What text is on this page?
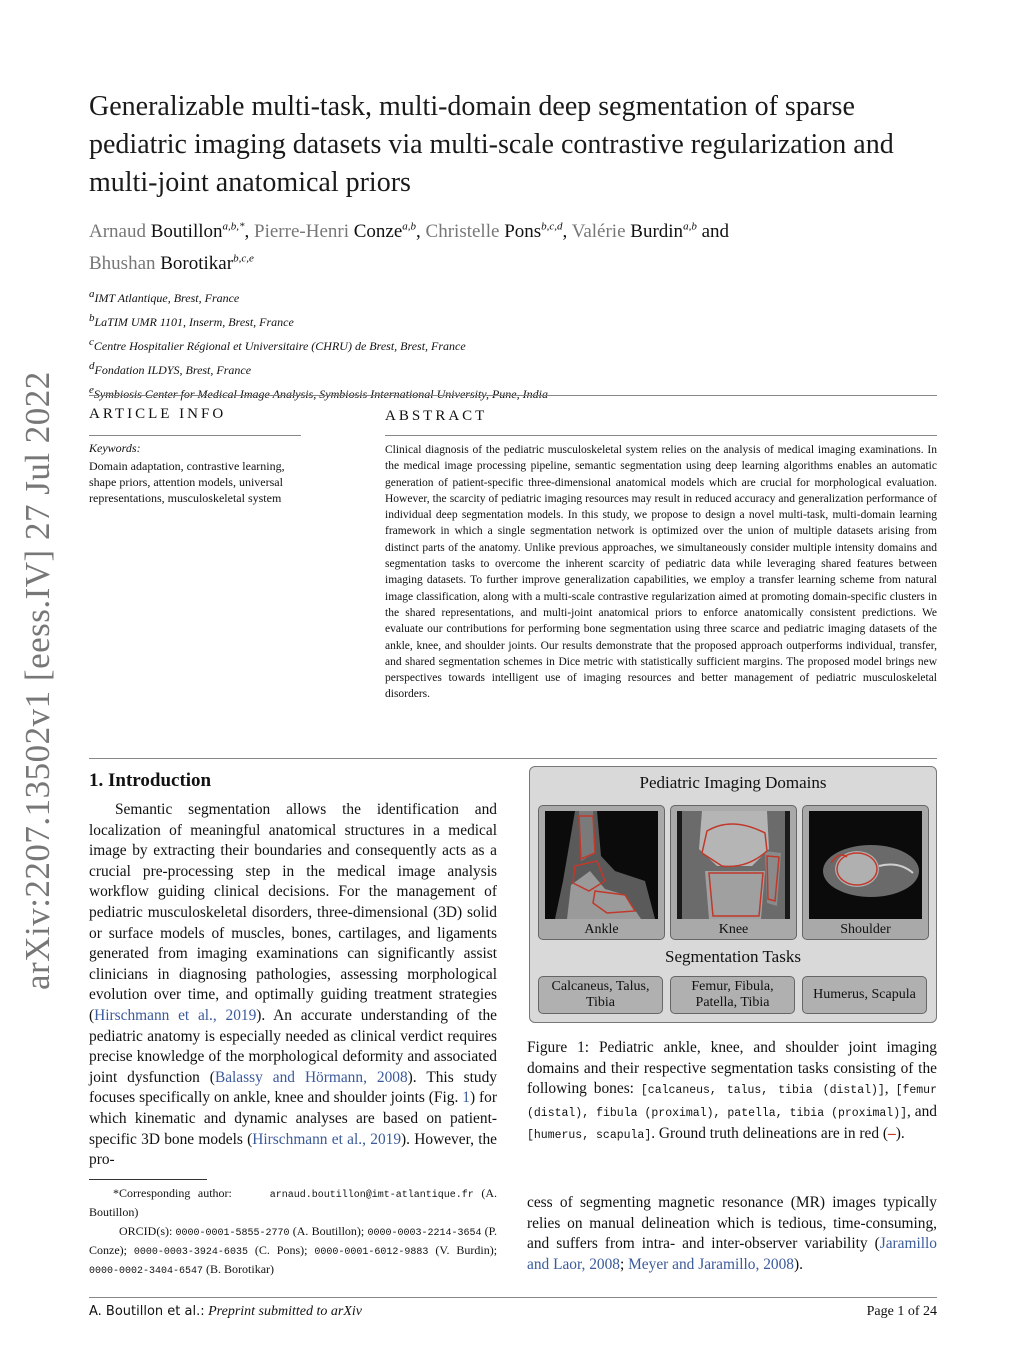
arXiv:2207.13502v1 [eess.IV] 27 Jul 2022
Generalizable multi-task, multi-domain deep segmentation of sparse pediatric imaging datasets via multi-scale contrastive regularization and multi-joint anatomical priors
Arnaud Boutillon$^{a,b,*}$, Pierre-Henri Conze$^{a,b}$, Christelle Pons$^{b,c,d}$, Valérie Burdin$^{a,b}$ and
Bhushan Borotikar$^{b,c,e}$
$^a$IMT Atlantique, Brest, France
$^b$LaTIM UMR 1101, Inserm, Brest, France
$^c$Centre Hospitalier Régional et Universitaire (CHRU) de Brest, Brest, France
$^d$Fondation ILDYS, Brest, France
$^e$Symbiosis Center for Medical Image Analysis, Symbiosis International University, Pune, India
ARTICLE INFO
Keywords:
Domain adaptation, contrastive learning, shape priors, attention models, universal representations, musculoskeletal system
ABSTRACT
Clinical diagnosis of the pediatric musculoskeletal system relies on the analysis of medical imaging examinations. In the medical image processing pipeline, semantic segmentation using deep learning algorithms enables an automatic generation of patient-specific three-dimensional anatomical models which are crucial for morphological evaluation. However, the scarcity of pediatric imaging resources may result in reduced accuracy and generalization performance of individual deep segmentation models. In this study, we propose to design a novel multi-task, multi-domain learning framework in which a single segmentation network is optimized over the union of multiple datasets arising from distinct parts of the anatomy. Unlike previous approaches, we simultaneously consider multiple intensity domains and segmentation tasks to overcome the inherent scarcity of pediatric data while leveraging shared features between imaging datasets. To further improve generalization capabilities, we employ a transfer learning scheme from natural image classification, along with a multi-scale contrastive regularization aimed at promoting domain-specific clusters in the shared representations, and multi-joint anatomical priors to enforce anatomically consistent predictions. We evaluate our contributions for performing bone segmentation using three scarce and pediatric imaging datasets of the ankle, knee, and shoulder joints. Our results demonstrate that the proposed approach outperforms individual, transfer, and shared segmentation schemes in Dice metric with statistically sufficient margins. The proposed model brings new perspectives towards intelligent use of imaging resources and better management of pediatric musculoskeletal disorders.
1. Introduction
Semantic segmentation allows the identification and localization of meaningful anatomical structures in a medical image by extracting their boundaries and consequently acts as a crucial pre-processing step in the medical image analysis workflow guiding clinical decisions. For the management of pediatric musculoskeletal disorders, three-dimensional (3D) solid or surface models of muscles, bones, cartilages, and ligaments generated from imaging examinations can significantly assist clinicians in diagnosing pathologies, assessing morphological evolution over time, and optimally guiding treatment strategies (Hirschmann et al., 2019). An accurate understanding of the pediatric anatomy is especially needed as clinical verdict requires precise knowledge of the morphological deformity and associated joint dysfunction (Balassy and Hörmann, 2008). This study focuses specifically on ankle, knee and shoulder joints (Fig. 1) for which kinematic and dynamic analyses are based on patient-specific 3D bone models (Hirschmann et al., 2019). However, the pro-
Pediatric Imaging Domains
Ankle	Knee	Shoulder
Segmentation Tasks
Calcaneus, Talus, Tibia
Femur, Fibula, Patella, Tibia
Humerus, Scapula
Figure 1: Pediatric ankle, knee, and shoulder joint imaging domains and their respective segmentation tasks consisting of the following bones: [calcaneus, talus, tibia (distal)], [femur (distal), fibula (proximal), patella, tibia (proximal)], and [humerus, scapula]. Ground truth delineations are in red (–).
cess of segmenting magnetic resonance (MR) images typically relies on manual delineation which is tedious, time-consuming, and suffers from intra- and inter-observer variability (Jaramillo and Laor, 2008; Meyer and Jaramillo, 2008).
*Corresponding author:	arnaud.boutillon@imt-atlantique.fr (A. Boutillon)
ORCID(s): 0000-0001-5855-2770 (A. Boutillon); 0000-0003-2214-3654 (P. Conze); 0000-0003-3924-6035 (C. Pons); 0000-0001-6012-9883 (V. Burdin); 0000-0002-3404-6547 (B. Borotikar)
A. Boutillon et al.: Preprint submitted to arXiv	Page 1 of 24
